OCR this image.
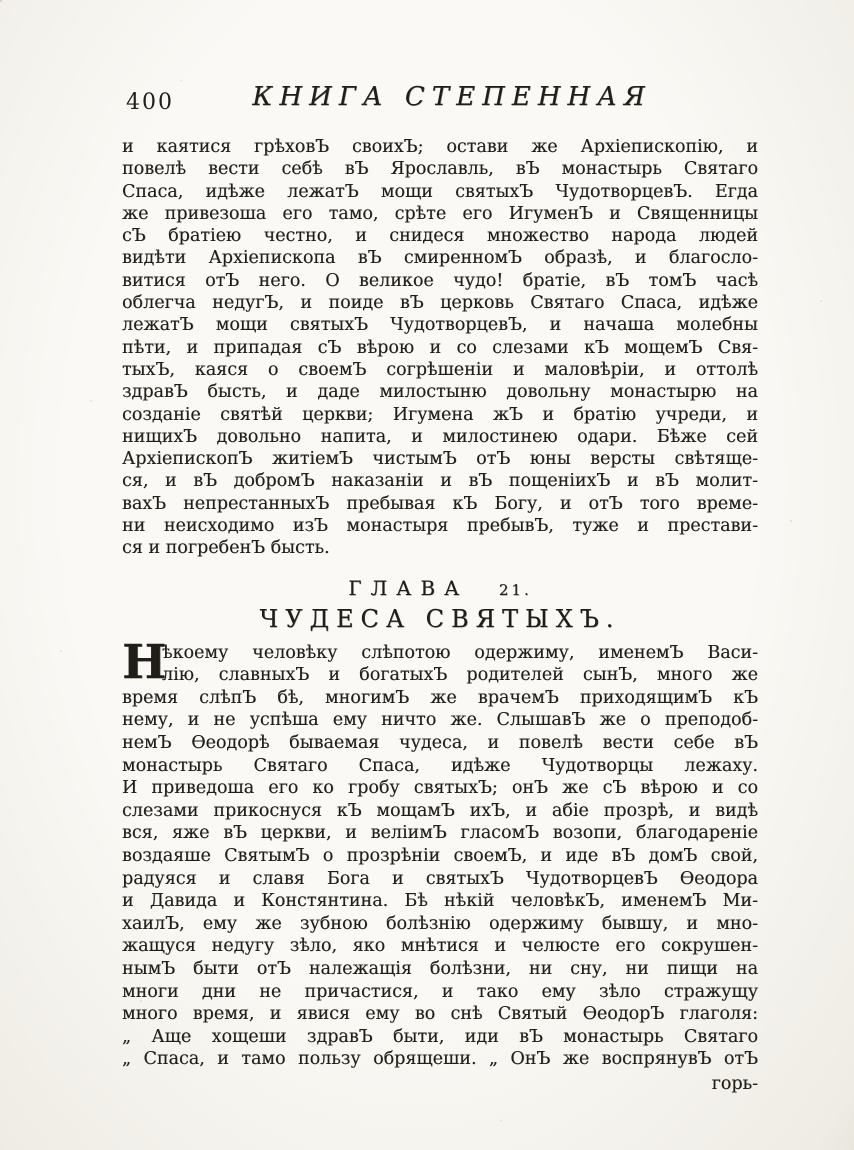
400	КНИГА СТЕПЕННАЯ
и каятися грѣховЪ своихЪ; остави же Архіепископію, и
повелѣ вести себѣ вЪ Ярославль, вЪ монастырь Святаго
Спаса, идѣже лежатЪ мощи святыхЪ ЧудотворцевЪ. Егда
же привезоша его тамо, срѣте его ИгуменЪ и Священницы
сЪ братіею честно, и снидеся множество народа людей
видѣти Архіепископа вЪ смиренномЪ образѣ, и благосло-
витися отЪ него. О великое чудо! братіе, вЪ томЪ часѣ
облегча недугЪ, и поиде вЪ церковь Святаго Спаса, идѣже
лежатЪ мощи святыхЪ ЧудотворцевЪ, и начаша молебны
пѣти, и припадая сЪ вѣрою и со слезами кЪ мощемЪ Свя-
тыхЪ, каяся о своемЪ согрѣшеніи и маловѣріи, и оттолѣ
здравЪ бысть, и даде милостыню довольну монастырю на
созданіе святѣй церкви; Игумена жЪ и братію учреди, и
нищихЪ довольно напита, и милостинею одари. Бѣже сей
АрхіепископЪ житіемЪ чистымЪ отЪ юны версты свѣтяще-
ся, и вЪ добромЪ наказаніи и вЪ пощеніихЪ и вЪ молит-
вахЪ непрестанныхЪ пребывая кЪ Богу, и отЪ того време-
ни неисходимо изЪ монастыря пребывЪ, туже и престави-
ся и погребенЪ бысть.
ГЛАВА 21.
ЧУДЕСА СВЯТЫХЪ.
Н
ѣкоему человѣку слѣпотою одержиму, именемЪ Васи-
лію, славныхЪ и богатыхЪ родителей сынЪ, много же
время слѣпЪ бѣ, многимЪ же врачемЪ приходящимЪ кЪ
нему, и не успѣша ему ничто же. СлышавЪ же о преподоб-
немЪ Ѳеодорѣ бываемая чудеса, и повелѣ вести себе вЪ
монастырь Святаго Спаса, идѣже Чудотворцы лежаху.
И приведоша его ко гробу святыхЪ; онЪ же сЪ вѣрою и со
слезами прикоснуся кЪ мощамЪ ихЪ, и абіе прозрѣ, и видѣ
вся, яже вЪ церкви, и веліимЪ гласомЪ возопи, благодареніе
воздаяше СвятымЪ о прозрѣніи своемЪ, и иде вЪ домЪ свой,
радуяся и славя Бога и святыхЪ ЧудотворцевЪ Ѳеодора
и Давида и Констянтина. Бѣ нѣкій человѣкЪ, именемЪ Ми-
хаилЪ, ему же зубною болѣзнію одержиму бывшу, и мно-
жащуся недугу зѣло, яко мнѣтися и челюсте его сокрушен-
нымЪ быти отЪ належащія болѣзни, ни сну, ни пищи на
многи дни не причастися, и тако ему зѣло стражущу
много время, и явися ему во снѣ Святый ѲеодорЪ глаголя:
„ Аще хощеши здравЪ быти, иди вЪ монастырь Святаго
„ Спаса, и тамо пользу обрящеши. „ ОнЪ же воспрянувЪ отЪ
горь-
